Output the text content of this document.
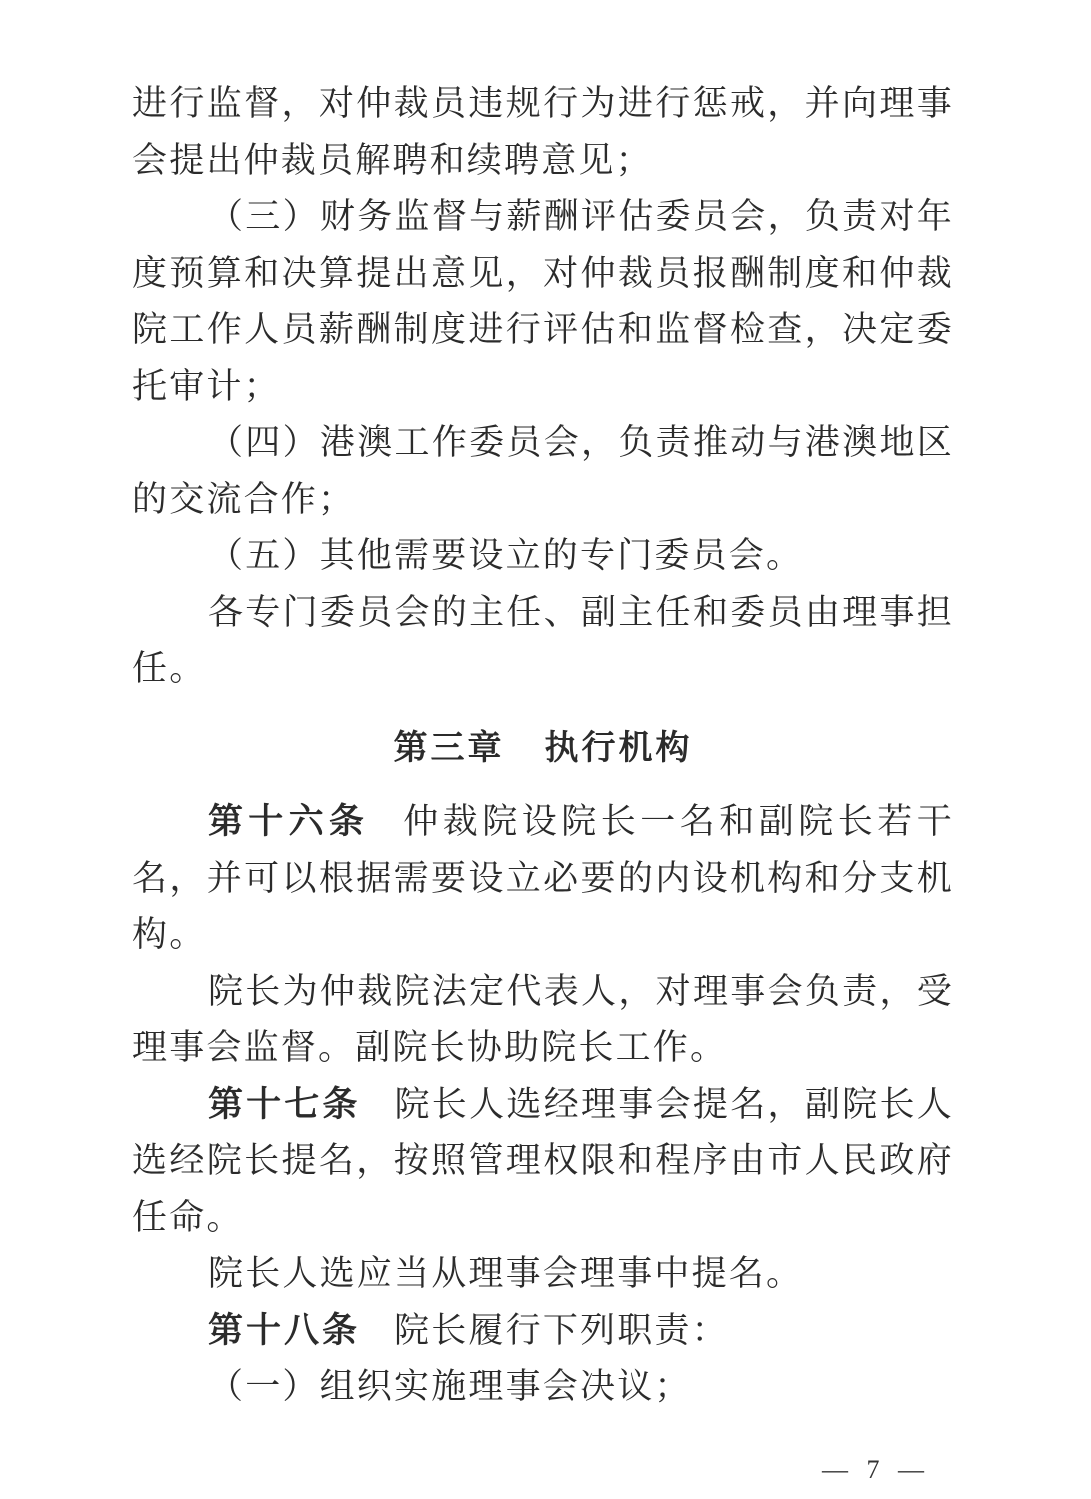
进行监督，对仲裁员违规行为进行惩戒，并向理事会提出仲裁员解聘和续聘意见；

（三）财务监督与薪酬评估委员会，负责对年度预算和决算提出意见，对仲裁员报酬制度和仲裁院工作人员薪酬制度进行评估和监督检查，决定委托审计；

（四）港澳工作委员会，负责推动与港澳地区的交流合作；

（五）其他需要设立的专门委员会。

各专门委员会的主任、副主任和委员由理事担任。

第三章 执行机构

第十六条 仲裁院设院长一名和副院长若干名，并可以根据需要设立必要的内设机构和分支机构。

院长为仲裁院法定代表人，对理事会负责，受理事会监督。副院长协助院长工作。

第十七条 院长人选经理事会提名，副院长人选经院长提名，按照管理权限和程序由市人民政府任命。

院长人选应当从理事会理事中提名。

第十八条 院长履行下列职责：

（一）组织实施理事会决议；

— 7 —
